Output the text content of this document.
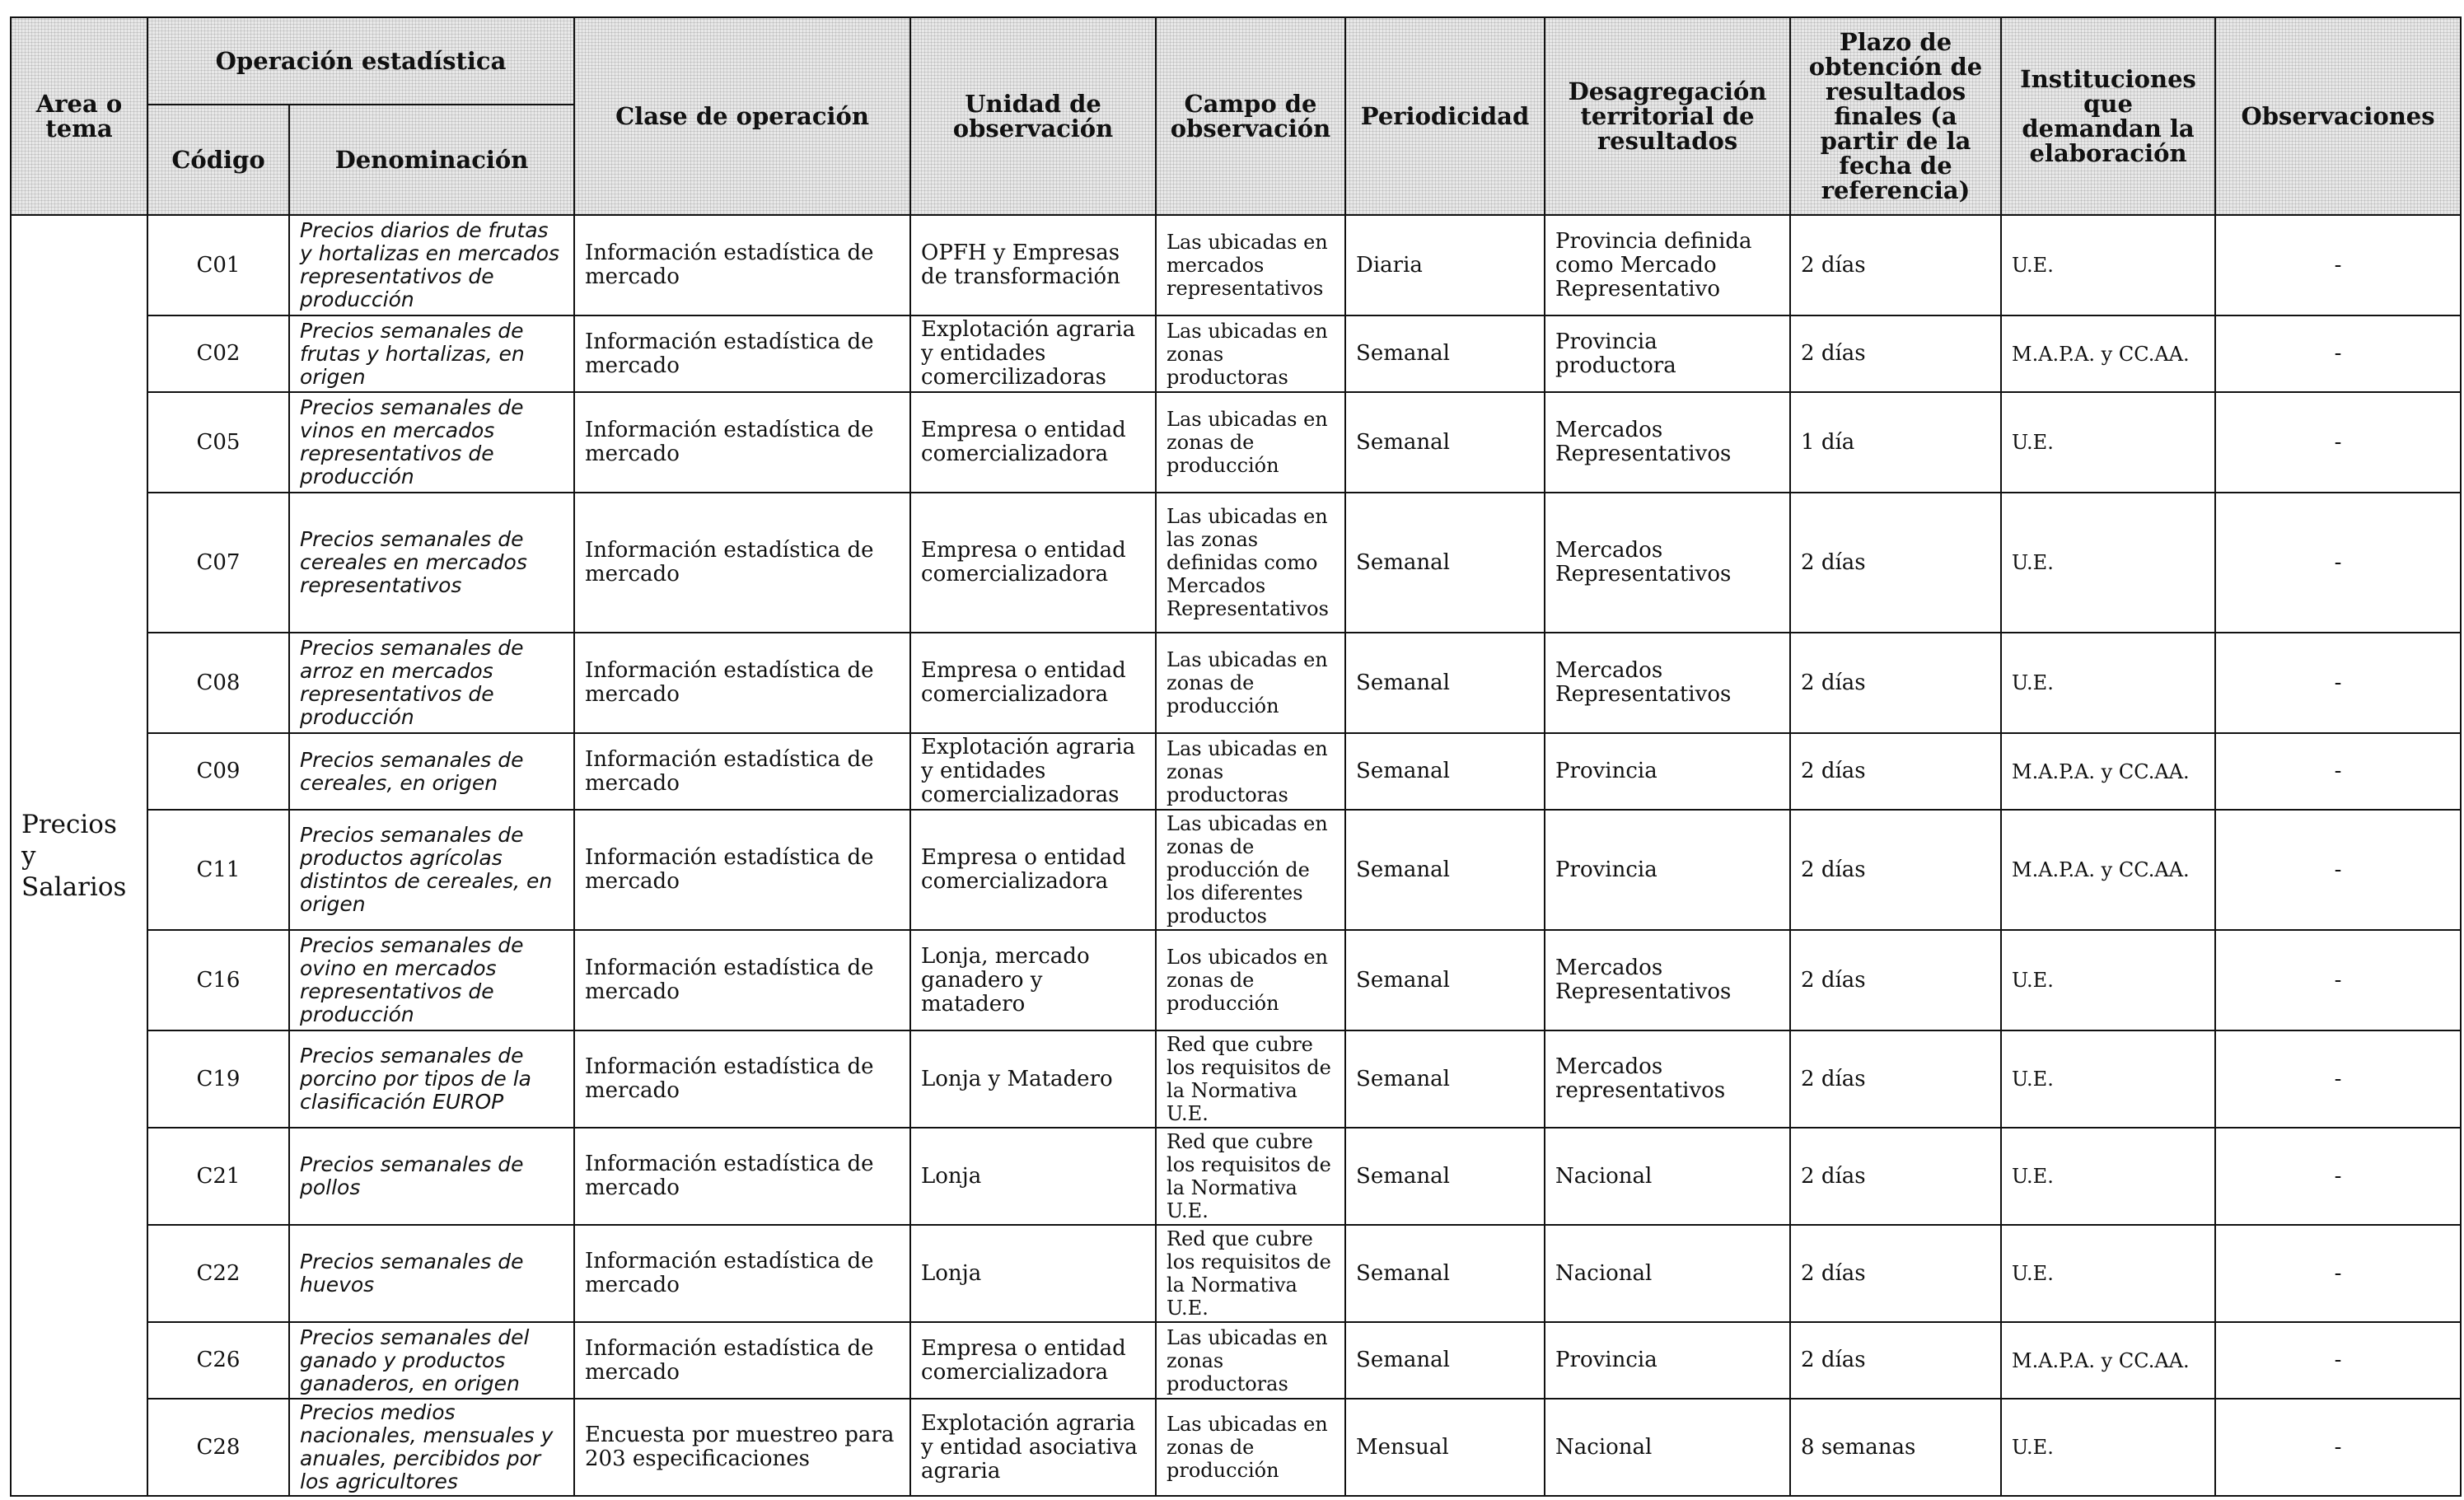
Area o tema	Operación estadística		Clase de operación	Unidad de observación	Campo de observación	Periodicidad	Desagregación territorial de resultados	Plazo de obtención de resultados finales (a partir de la fecha de referencia)	Instituciones que demandan la elaboración	Observaciones
	Código	Denominación								
Precios y Salarios	C01	Precios diarios de frutas y hortalizas en mercados representativos de producción	Información estadística de mercado	OPFH y Empresas de transformación	Las ubicadas en mercados representativos	Diaria	Provincia definida como Mercado Representativo	2 días	U.E.	-
	C02	Precios semanales de frutas y hortalizas, en origen	Información estadística de mercado	Explotación agraria y entidades comercilizadoras	Las ubicadas en zonas productoras	Semanal	Provincia productora	2 días	M.A.P.A. y CC.AA.	-
	C05	Precios semanales de vinos en mercados representativos de producción	Información estadística de mercado	Empresa o entidad comercializadora	Las ubicadas en zonas de producción	Semanal	Mercados Representativos	1 día	U.E.	-
	C07	Precios semanales de cereales en mercados representativos	Información estadística de mercado	Empresa o entidad comercializadora	Las ubicadas en las zonas definidas como Mercados Representativos	Semanal	Mercados Representativos	2 días	U.E.	-
	C08	Precios semanales de arroz en mercados representativos de producción	Información estadística de mercado	Empresa o entidad comercializadora	Las ubicadas en zonas de producción	Semanal	Mercados Representativos	2 días	U.E.	-
	C09	Precios semanales de cereales, en origen	Información estadística de mercado	Explotación agraria y entidades comercializadoras	Las ubicadas en zonas productoras	Semanal	Provincia	2 días	M.A.P.A. y CC.AA.	-
	C11	Precios semanales de productos agrícolas distintos de cereales, en origen	Información estadística de mercado	Empresa o entidad comercializadora	Las ubicadas en zonas de producción de los diferentes productos	Semanal	Provincia	2 días	M.A.P.A. y CC.AA.	-
	C16	Precios semanales de ovino en mercados representativos de producción	Información estadística de mercado	Lonja, mercado ganadero y matadero	Los ubicados en zonas de producción	Semanal	Mercados Representativos	2 días	U.E.	-
	C19	Precios semanales de porcino por tipos de la clasificación EUROP	Información estadística de mercado	Lonja y Matadero	Red que cubre los requisitos de la Normativa U.E.	Semanal	Mercados representativos	2 días	U.E.	-
	C21	Precios semanales de pollos	Información estadística de mercado	Lonja	Red que cubre los requisitos de la Normativa U.E.	Semanal	Nacional	2 días	U.E.	-
	C22	Precios semanales de huevos	Información estadística de mercado	Lonja	Red que cubre los requisitos de la Normativa U.E.	Semanal	Nacional	2 días	U.E.	-
	C26	Precios semanales del ganado y productos ganaderos, en origen	Información estadística de mercado	Empresa o entidad comercializadora	Las ubicadas en zonas productoras	Semanal	Provincia	2 días	M.A.P.A. y CC.AA.	-
	C28	Precios medios nacionales, mensuales y anuales, percibidos por los agricultores	Encuesta por muestreo para 203 especificaciones	Explotación agraria y entidad asociativa agraria	Las ubicadas en zonas de producción	Mensual	Nacional	8 semanas	U.E.	-
